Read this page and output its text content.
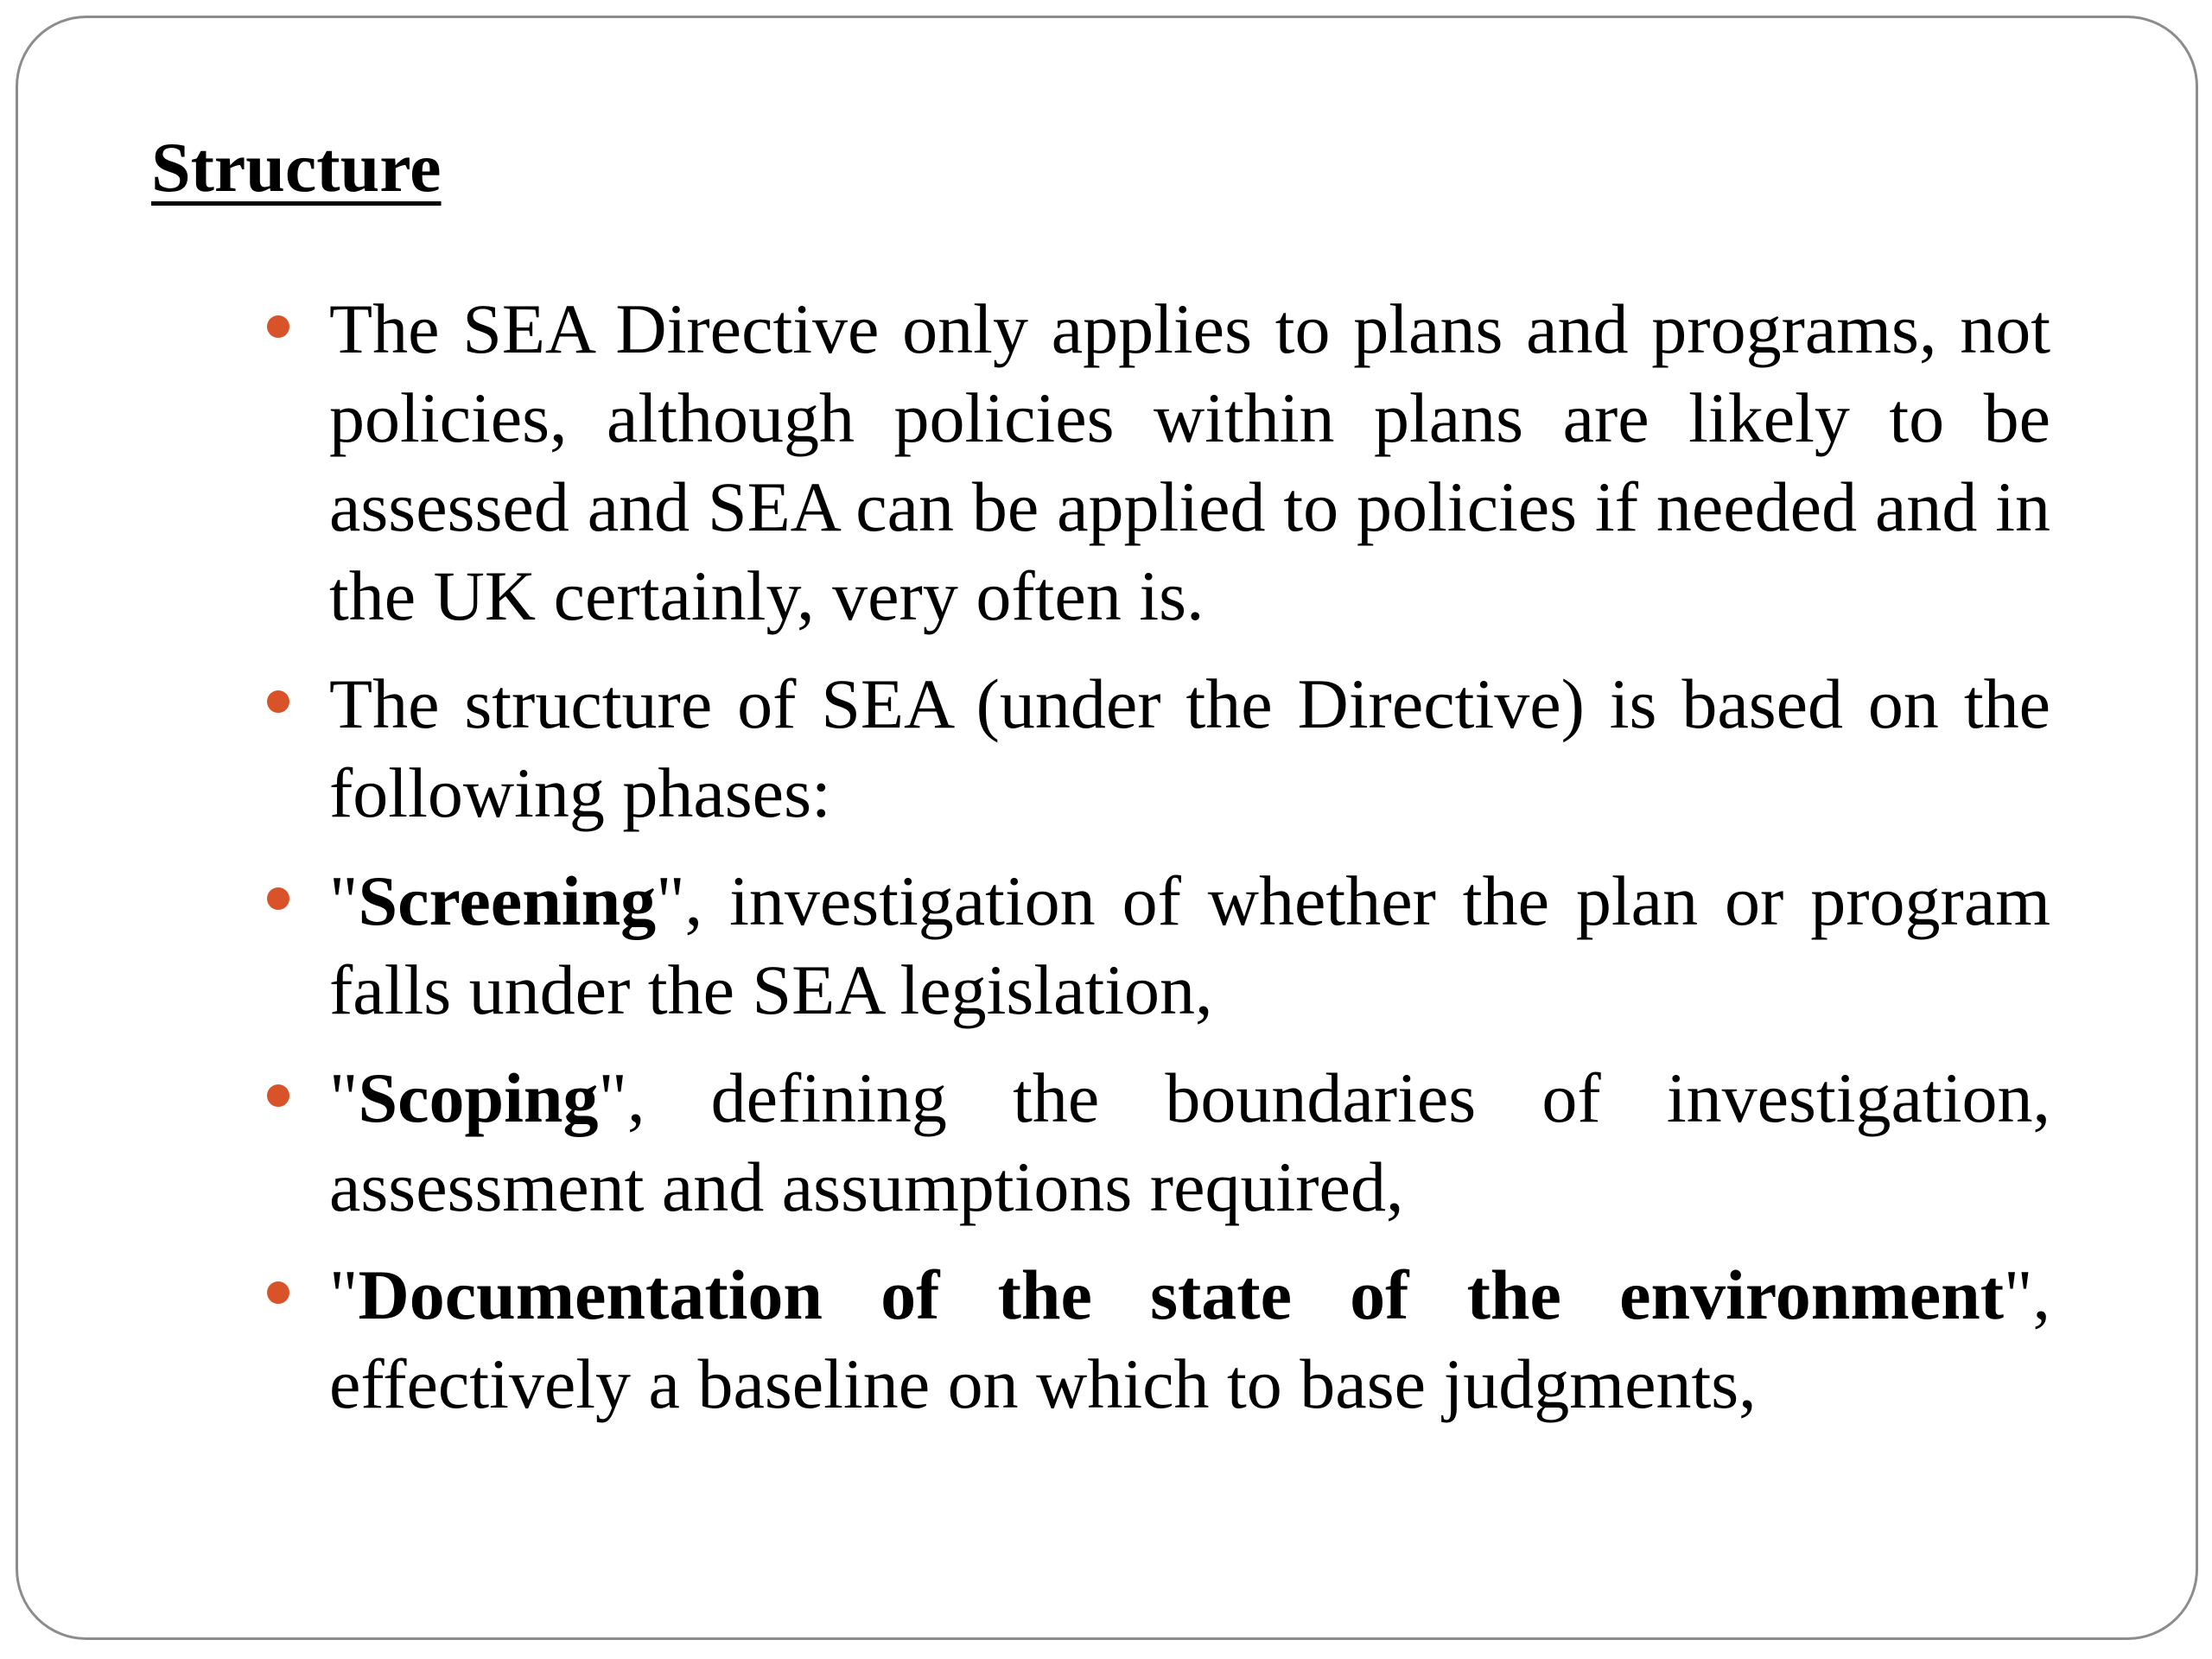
Structure
The SEA Directive only applies to plans and programs, not policies, although policies within plans are likely to be assessed and SEA can be applied to policies if needed and in the UK certainly, very often is.
The structure of SEA (under the Directive) is based on the following phases:
"Screening", investigation of whether the plan or program falls under the SEA legislation,
"Scoping", defining the boundaries of investigation, assessment and assumptions required,
"Documentation of the state of the environment", effectively a baseline on which to base judgments,
